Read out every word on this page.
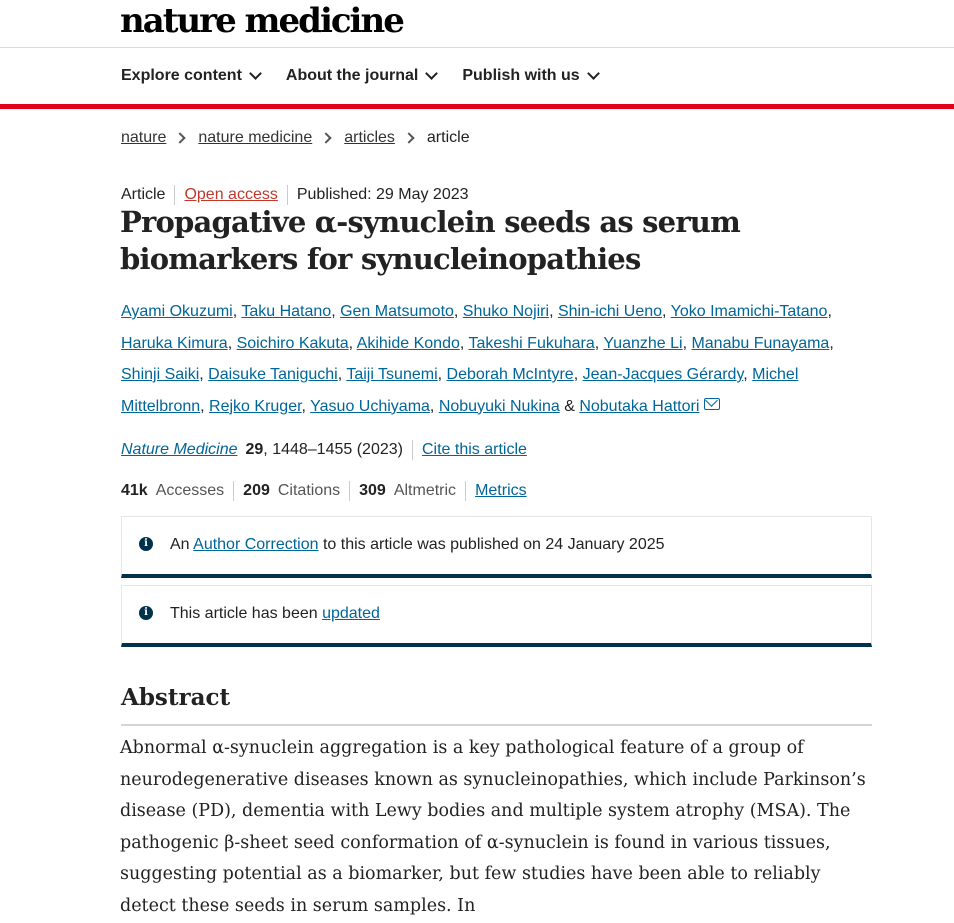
nature medicine
Explore content	About the journal	Publish with us
nature nature medicine articles article
Article Open access Published: 29 May 2023
Propagative α-synuclein seeds as serum biomarkers for synucleinopathies
Ayami Okuzumi, Taku Hatano, Gen Matsumoto, Shuko Nojiri, Shin-ichi Ueno, Yoko Imamichi-Tatano, Haruka Kimura, Soichiro Kakuta, Akihide Kondo, Takeshi Fukuhara, Yuanzhe Li, Manabu Funayama, Shinji Saiki, Daisuke Taniguchi, Taiji Tsunemi, Deborah McIntyre, Jean-Jacques Gérardy, Michel Mittelbronn, Rejko Kruger, Yasuo Uchiyama, Nobuyuki Nukina & Nobutaka Hattori
Nature Medicine 29 , 1448–1455 (2023) Cite this article
41k Accesses 209 Citations 309 Altmetric Metrics
i	An Author Correction to this article was published on 24 January 2025
i	This article has been updated
Abstract

Abnormal α-synuclein aggregation is a key pathological feature of a group of neurodegenerative diseases known as synucleinopathies, which include Parkinson’s disease (PD), dementia with Lewy bodies and multiple system atrophy (MSA). The pathogenic β-sheet seed conformation of α-synuclein is found in various tissues, suggesting potential as a biomarker, but few studies have been able to reliably detect these seeds in serum samples. In
